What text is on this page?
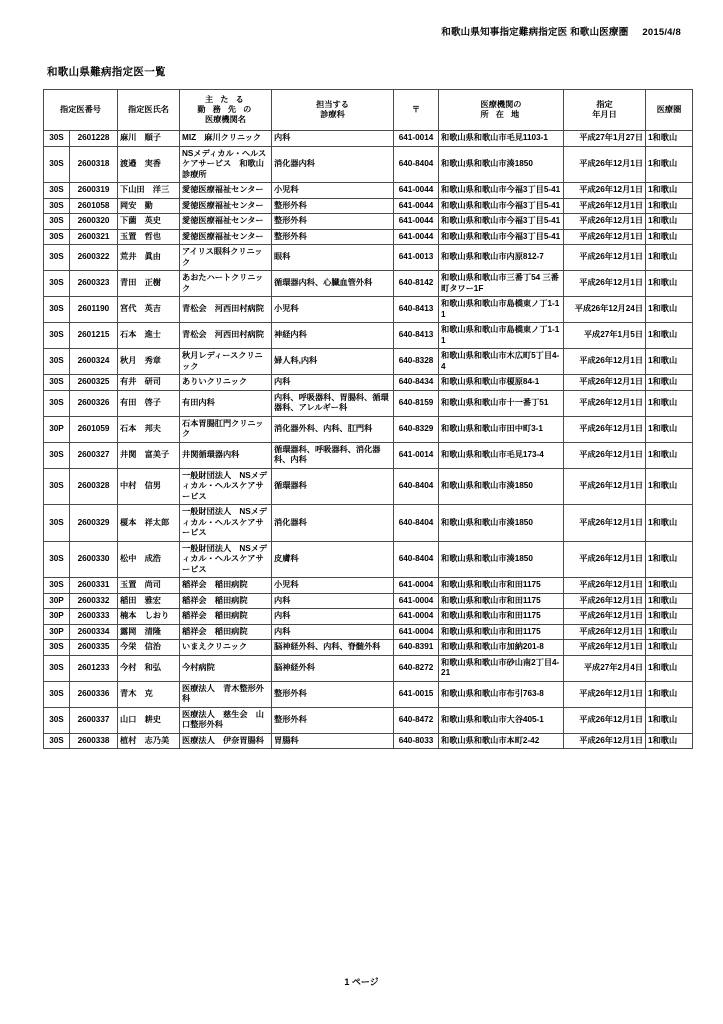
和歌山県知事指定難病指定医 和歌山医療圏 2015/4/8
和歌山県難病指定医一覧
指定医番号		指定医氏名	主 た る
勤 務 先 の
医療機関名	担当する
診療科	〒	医療機関の
所 在 地	指定
年月日	医療圏
30S	2601228	麻川　順子	MIZ　麻川クリニック	内科	641-0014	和歌山県和歌山市毛見1103-1	平成27年1月27日	1和歌山
30S	2600318	渡邉　実香	NSメディカル・ヘルスケアサービス　和歌山診療所	消化器内科	640-8404	和歌山県和歌山市湊1850	平成26年12月1日	1和歌山
30S	2600319	下山田　洋三	愛徳医療福祉センター	小児科	641-0044	和歌山県和歌山市今福3丁目5-41	平成26年12月1日	1和歌山
30S	2601058	岡安　勤	愛徳医療福祉センター	整形外科	641-0044	和歌山県和歌山市今福3丁目5-41	平成26年12月1日	1和歌山
30S	2600320	下薗　英史	愛徳医療福祉センター	整形外科	641-0044	和歌山県和歌山市今福3丁目5-41	平成26年12月1日	1和歌山
30S	2600321	玉置　哲也	愛徳医療福祉センター	整形外科	641-0044	和歌山県和歌山市今福3丁目5-41	平成26年12月1日	1和歌山
30S	2600322	荒井　眞由	アイリス眼科クリニック	眼科	641-0013	和歌山県和歌山市内原812-7	平成26年12月1日	1和歌山
30S	2600323	青田　正樹	あおたハートクリニック	循環器内科、心臓血管外科	640-8142	和歌山県和歌山市三番丁54 三番町タワー1F	平成26年12月1日	1和歌山
30S	2601190	宮代　英吉	青松会　河西田村病院	小児科	640-8413	和歌山県和歌山市島橋東ノ丁1-11	平成26年12月24日	1和歌山
30S	2601215	石本　進士	青松会　河西田村病院	神経内科	640-8413	和歌山県和歌山市島橋東ノ丁1-11	平成27年1月5日	1和歌山
30S	2600324	秋月　秀章	秋月レディースクリニック	婦人科,内科	640-8328	和歌山県和歌山市木広町5丁目4-4	平成26年12月1日	1和歌山
30S	2600325	有井　研司	ありいクリニック	内科	640-8434	和歌山県和歌山市榎原84-1	平成26年12月1日	1和歌山
30S	2600326	有田　啓子	有田内科	内科、呼吸器科、胃腸科、循環器科、アレルギー科	640-8159	和歌山県和歌山市十一番丁51	平成26年12月1日	1和歌山
30P	2601059	石本　邦夫	石本胃腸肛門クリニック	消化器外科、内科、肛門科	640-8329	和歌山県和歌山市田中町3-1	平成26年12月1日	1和歌山
30S	2600327	井関　富美子	井関循環器内科	循環器科、呼吸器科、消化器科、内科	641-0014	和歌山県和歌山市毛見173-4	平成26年12月1日	1和歌山
30S	2600328	中村　信男	一般財団法人　NSメディカル・ヘルスケアサービス	循環器科	640-8404	和歌山県和歌山市湊1850	平成26年12月1日	1和歌山
30S	2600329	榎本　祥太郎	一般財団法人　NSメディカル・ヘルスケアサービス	消化器科	640-8404	和歌山県和歌山市湊1850	平成26年12月1日	1和歌山
30S	2600330	松中　成浩	一般財団法人　NSメディカル・ヘルスケアサービス	皮膚科	640-8404	和歌山県和歌山市湊1850	平成26年12月1日	1和歌山
30S	2600331	玉置　尚司	稲祥会　稲田病院	小児科	641-0004	和歌山県和歌山市和田1175	平成26年12月1日	1和歌山
30P	2600332	稲田　雅宏	稲祥会　稲田病院	内科	641-0004	和歌山県和歌山市和田1175	平成26年12月1日	1和歌山
30P	2600333	楠本　しおり	稲祥会　稲田病院	内科	641-0004	和歌山県和歌山市和田1175	平成26年12月1日	1和歌山
30P	2600334	露岡　清隆	稲祥会　稲田病院	内科	641-0004	和歌山県和歌山市和田1175	平成26年12月1日	1和歌山
30S	2600335	今栄　信治	いまえクリニック	脳神経外科、内科、脊髄外科	640-8391	和歌山県和歌山市加納201-8	平成26年12月1日	1和歌山
30S	2601233	今村　和弘	今村病院	脳神経外科	640-8272	和歌山県和歌山市砂山南2丁目4-21	平成27年2月4日	1和歌山
30S	2600336	青木　克	医療法人　青木整形外科	整形外科	641-0015	和歌山県和歌山市布引763-8	平成26年12月1日	1和歌山
30S	2600337	山口　耕史	医療法人　慈生会　山口整形外科	整形外科	640-8472	和歌山県和歌山市大谷405-1	平成26年12月1日	1和歌山
30S	2600338	植村　志乃美	医療法人　伊奈胃腸科	胃腸科	640-8033	和歌山県和歌山市本町2-42	平成26年12月1日	1和歌山
1 ページ
